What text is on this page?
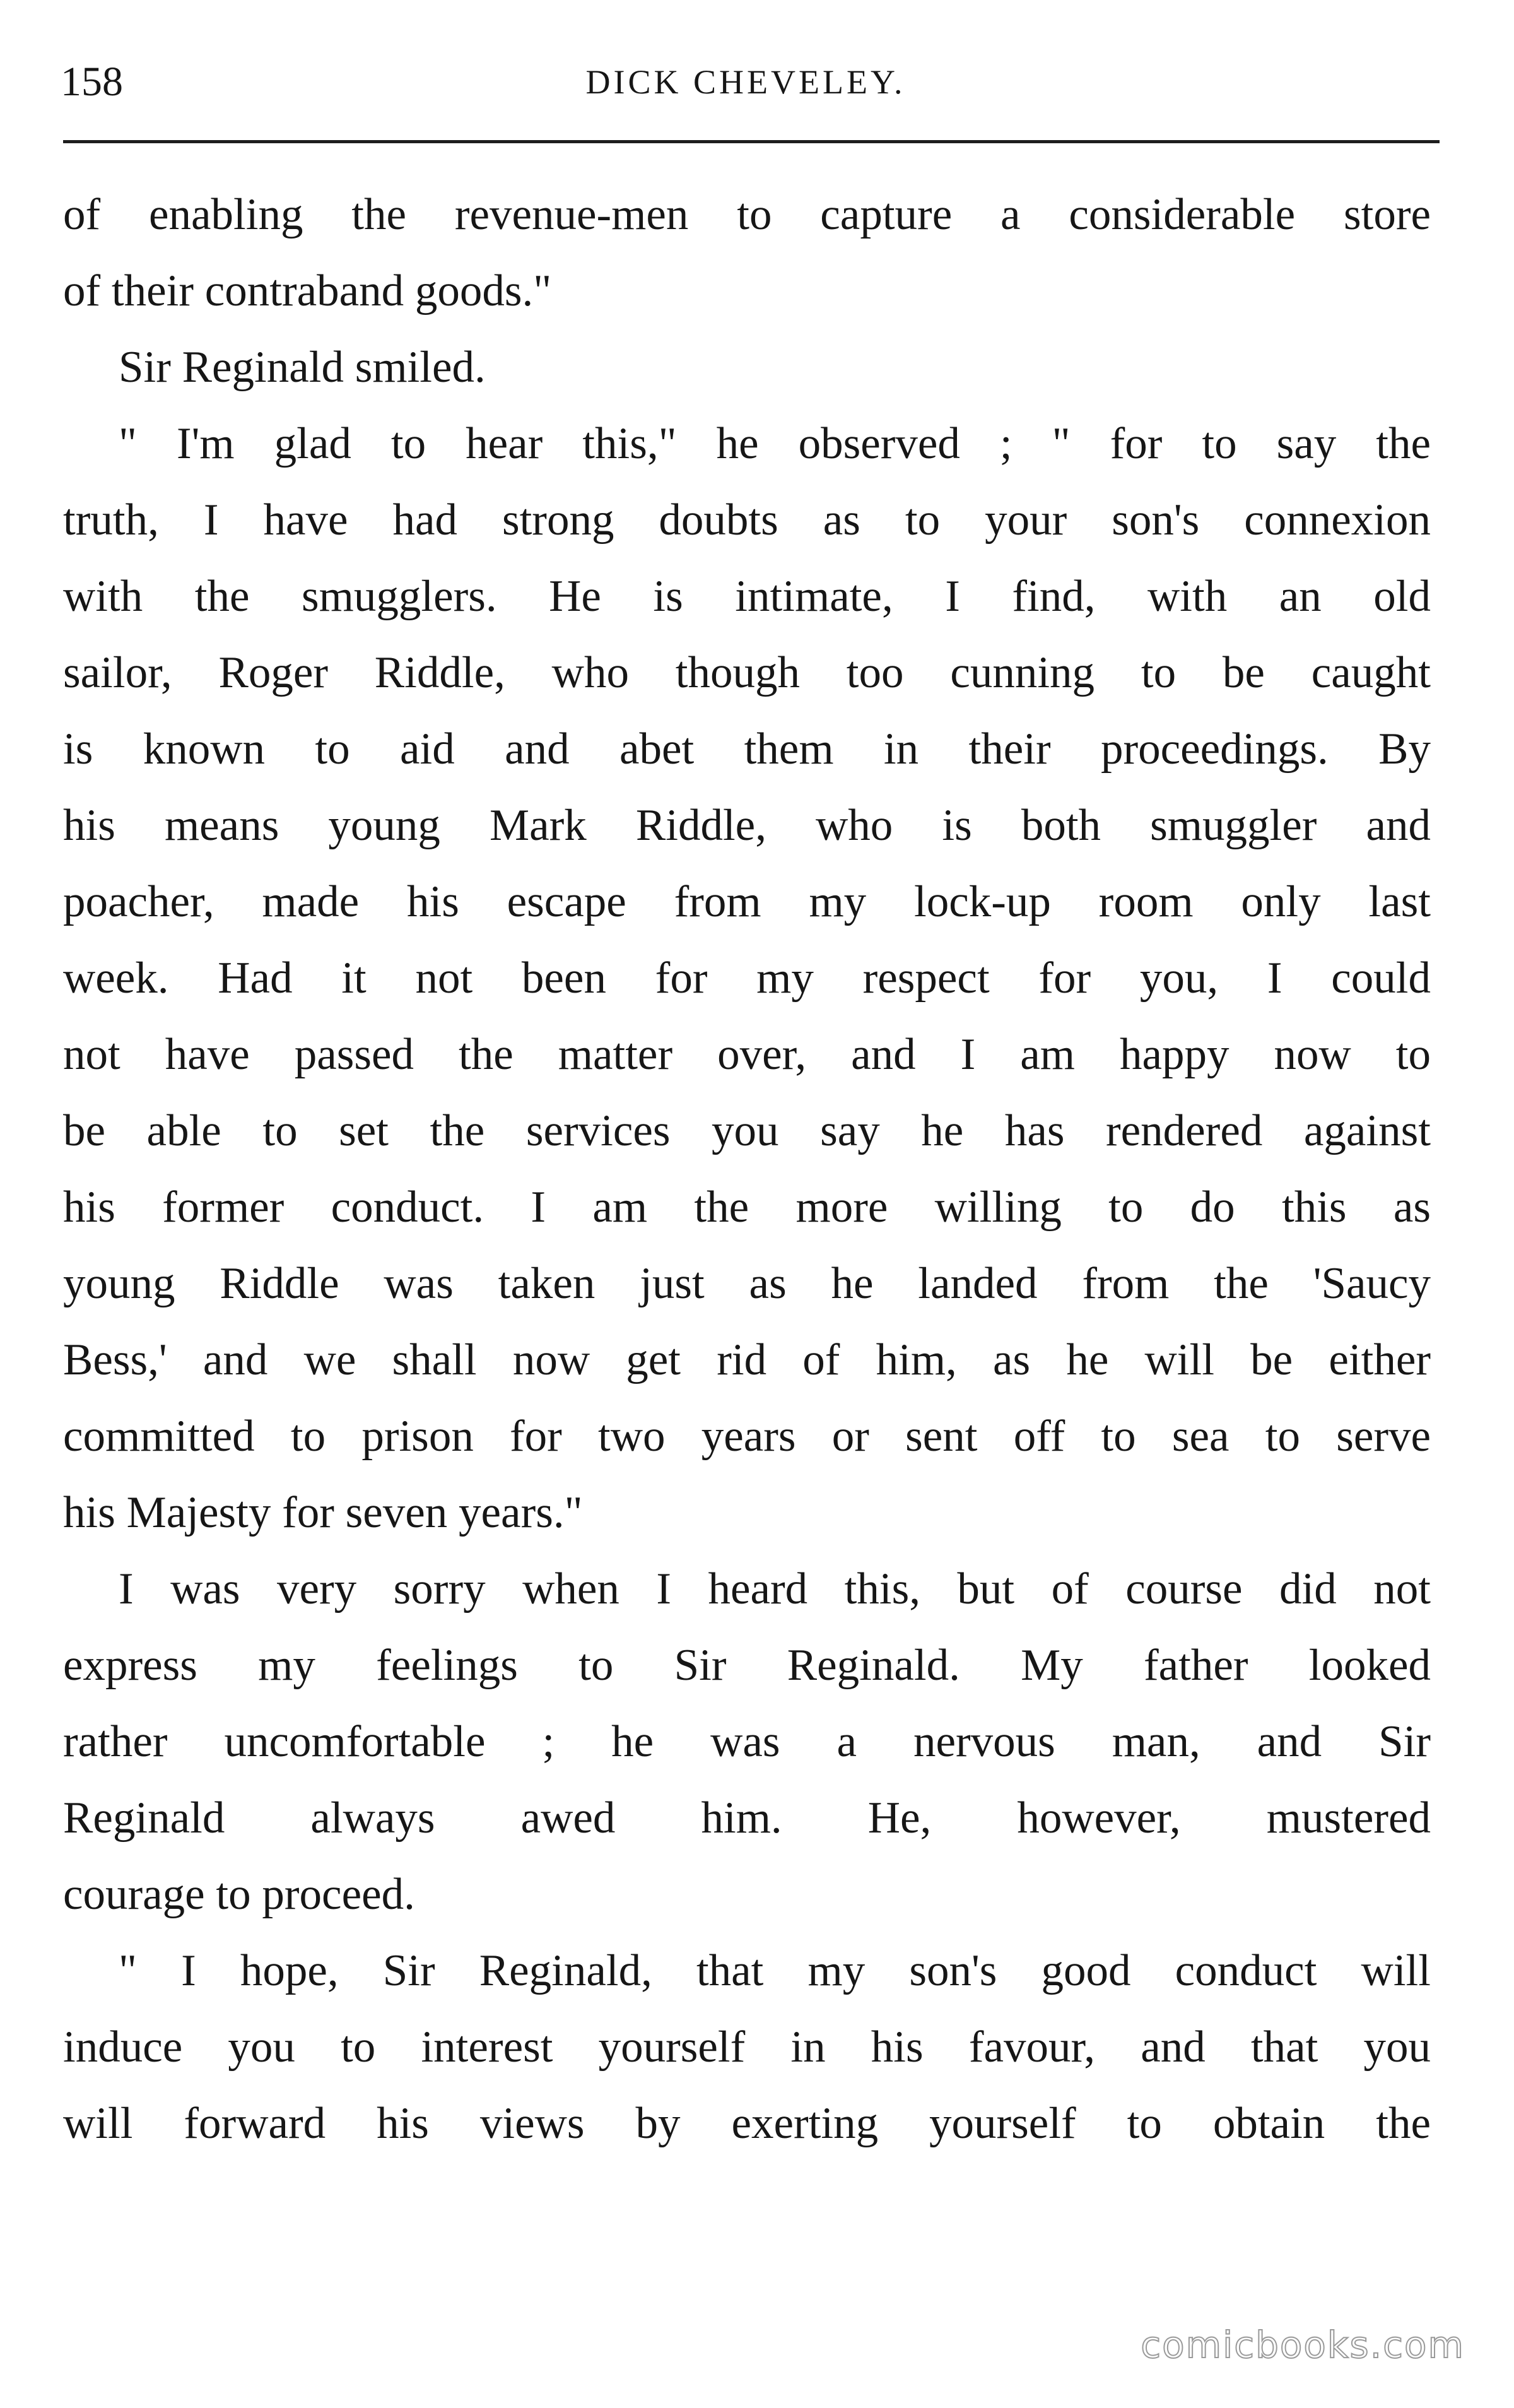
158	DICK CHEVELEY.

of enabling the revenue-men to capture a considerable store
of their contraband goods."

Sir Reginald smiled.

" I'm glad to hear this," he observed ; " for to say the
truth, I have had strong doubts as to your son's connexion
with the smugglers. He is intimate, I find, with an old
sailor, Roger Riddle, who though too cunning to be caught
is known to aid and abet them in their proceedings. By
his means young Mark Riddle, who is both smuggler and
poacher, made his escape from my lock-up room only last
week. Had it not been for my respect for you, I could
not have passed the matter over, and I am happy now to
be able to set the services you say he has rendered against
his former conduct. I am the more willing to do this as
young Riddle was taken just as he landed from the 'Saucy
Bess,' and we shall now get rid of him, as he will be either
committed to prison for two years or sent off to sea to serve
his Majesty for seven years."

I was very sorry when I heard this, but of course did not
express my feelings to Sir Reginald. My father looked
rather uncomfortable ; he was a nervous man, and Sir
Reginald always awed him. He, however, mustered
courage to proceed.

" I hope, Sir Reginald, that my son's good conduct will
induce you to interest yourself in his favour, and that you
will forward his views by exerting yourself to obtain the

comicbooks.com
